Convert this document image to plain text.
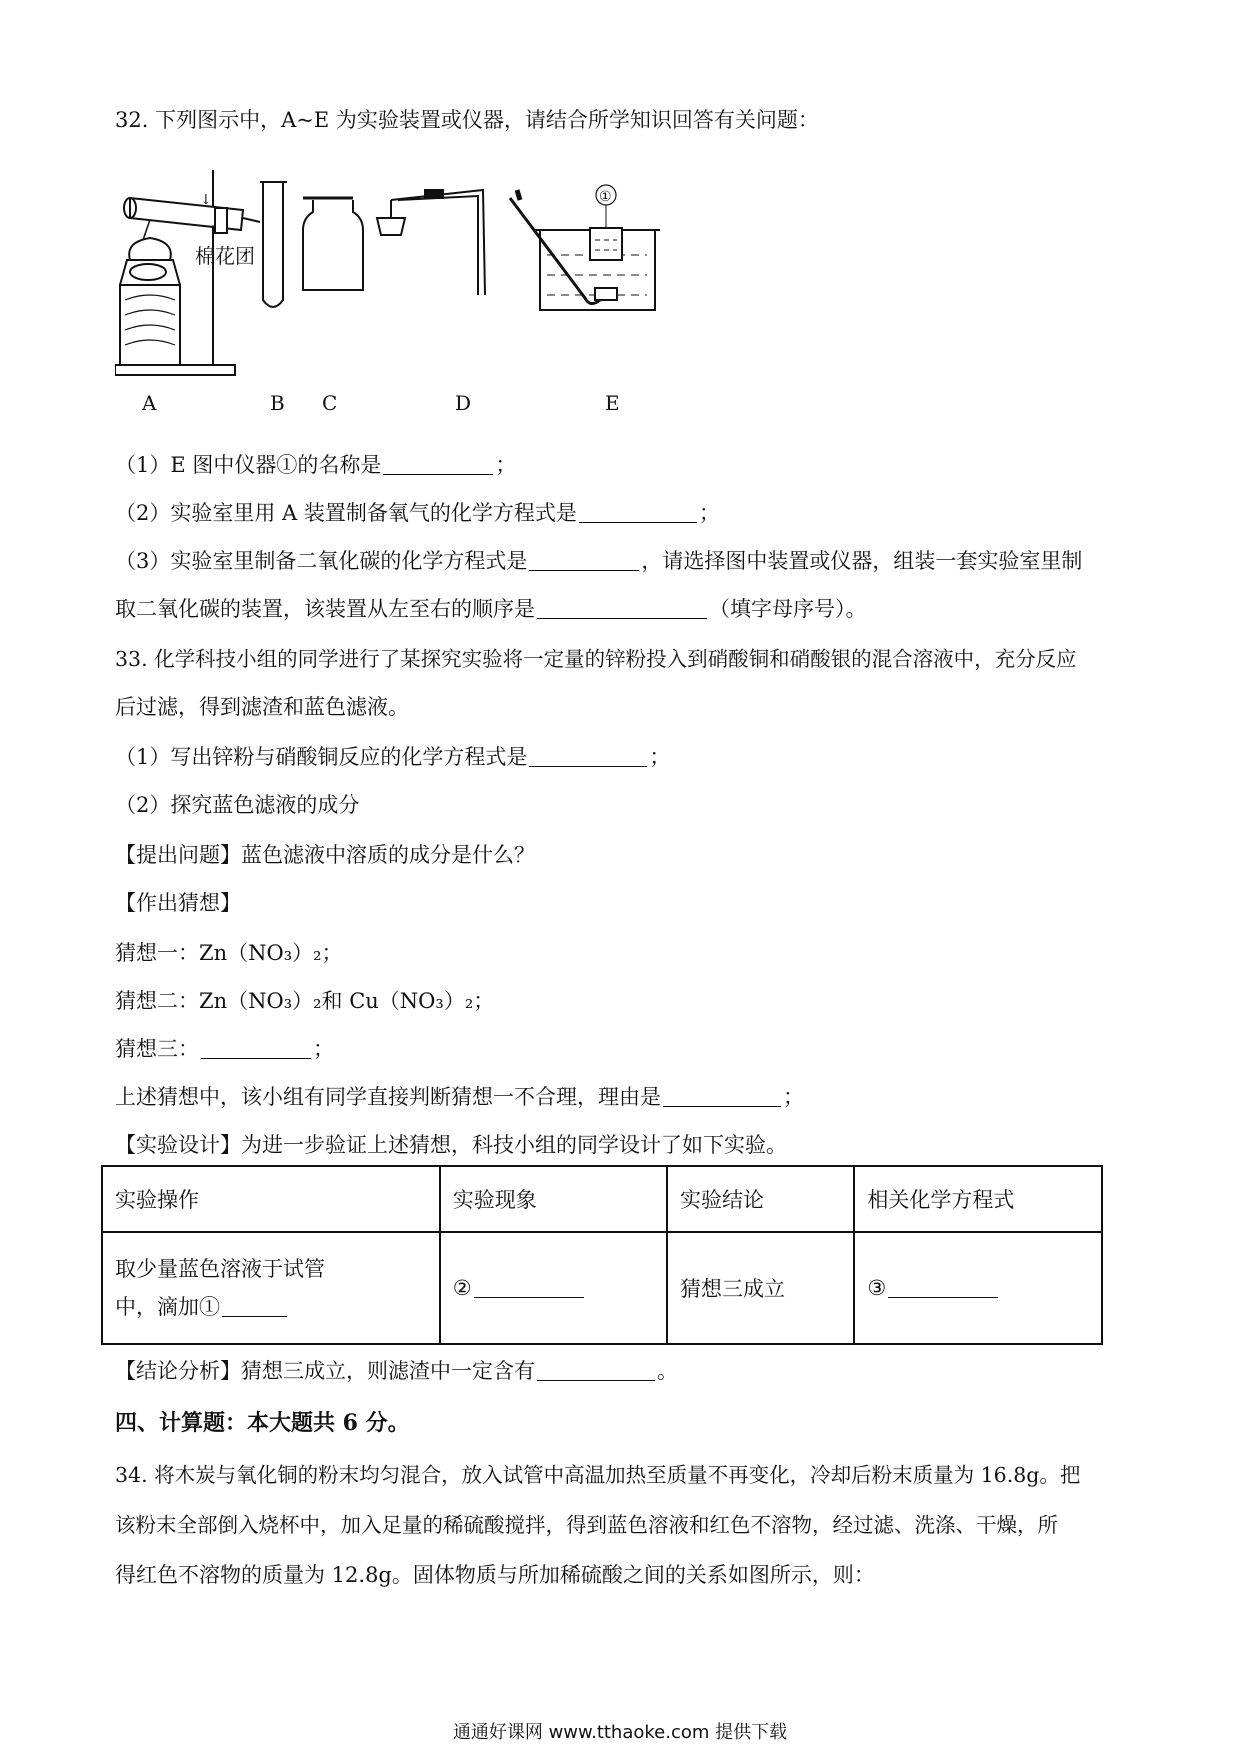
32. 下列图示中，A~E 为实验装置或仪器，请结合所学知识回答有关问题：
↓
棉花团
①
A	B C	D	E
（1）E 图中仪器①的名称是	；
（2）实验室里用 A 装置制备氧气的化学方程式是	；
（3）实验室里制备二氧化碳的化学方程式是	，请选择图中装置或仪器，组装一套实验室里制
取二氧化碳的装置，该装置从左至右的顺序是	（填字母序号）。
33. 化学科技小组的同学进行了某探究实验将一定量的锌粉投入到硝酸铜和硝酸银的混合溶液中，充分反应
后过滤，得到滤渣和蓝色滤液。
（1）写出锌粉与硝酸铜反应的化学方程式是	；
（2）探究蓝色滤液的成分
【提出问题】蓝色滤液中溶质的成分是什么？
【作出猜想】
猜想一：Zn（NO₃）₂；
猜想二：Zn（NO₃）₂和 Cu（NO₃）₂；
猜想三：	；
上述猜想中，该小组有同学直接判断猜想一不合理，理由是	；
【实验设计】为进一步验证上述猜想，科技小组的同学设计了如下实验。
实验操作	实验现象	实验结论	相关化学方程式

取少量蓝色溶液于试管
中，滴加①	②	猜想三成立	③
【结论分析】猜想三成立，则滤渣中一定含有	。
四、计算题：本大题共 6 分。
34. 将木炭与氧化铜的粉末均匀混合，放入试管中高温加热至质量不再变化，冷却后粉末质量为 16.8g。把
该粉末全部倒入烧杯中，加入足量的稀硫酸搅拌，得到蓝色溶液和红色不溶物，经过滤、洗涤、干燥，所
得红色不溶物的质量为 12.8g。固体物质与所加稀硫酸之间的关系如图所示，则：
通通好课网 www.tthaoke.com 提供下载
